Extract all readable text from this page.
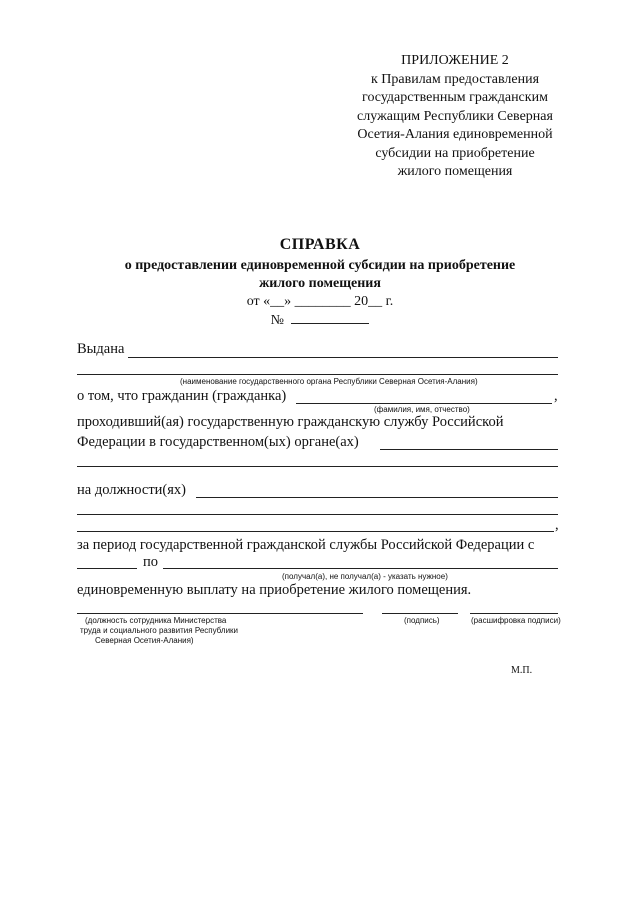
ПРИЛОЖЕНИЕ 2
к Правилам предоставления
государственным гражданским
служащим Республики Северная
Осетия-Алания единовременной
субсидии на приобретение
жилого помещения
СПРАВКА
о предоставлении единовременной субсидии на приобретение
жилого помещения
от «__» ________ 20__ г.
№
Выдана
(наименование государственного органа Республики Северная Осетия-Алания)
о том, что гражданин (гражданка)	,
(фамилия, имя, отчество)
проходивший(ая) государственную гражданскую службу Российской
Федерации в государственном(ых) органе(ах)
на должности(ях)
,
за период государственной гражданской службы Российской Федерации с
по
(получал(а), не получал(а) - указать нужное)
единовременную выплату на приобретение жилого помещения.
(должность сотрудника Министерства
труда и социального развития Республики
Северная Осетия-Алания)
(подпись)	(расшифровка подписи)
М.П.
